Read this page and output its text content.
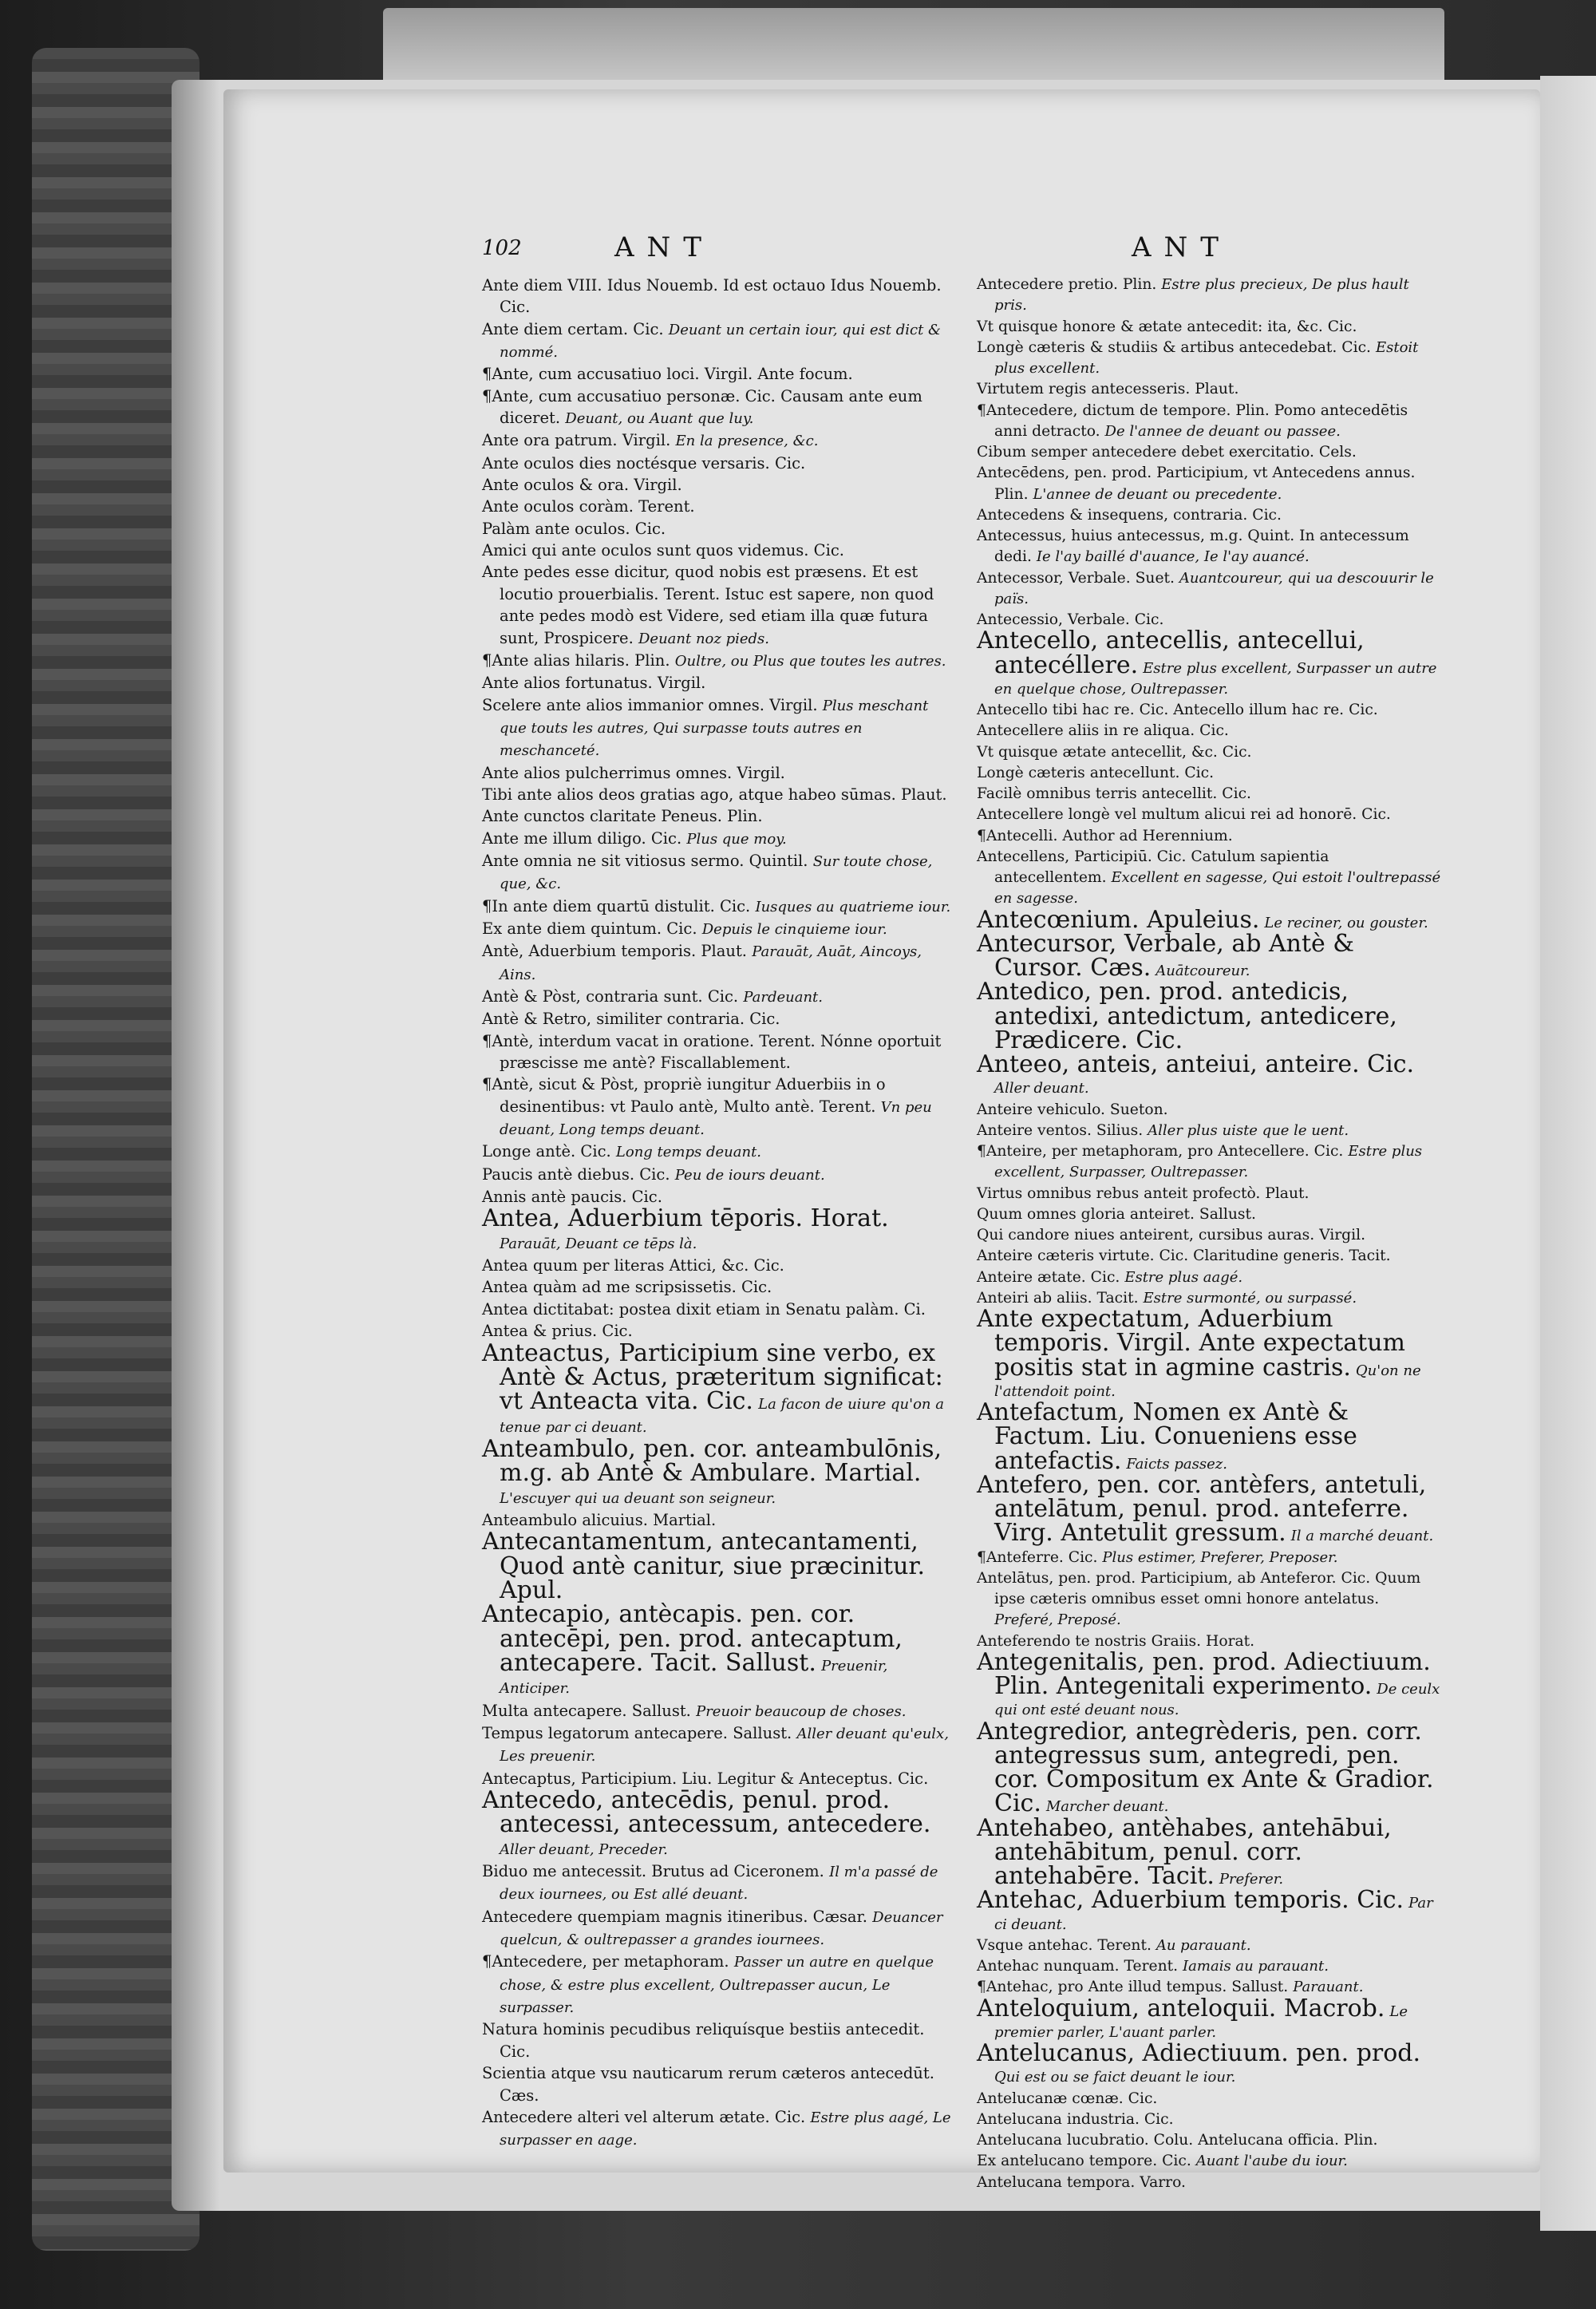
102	ANT	ANT

Ante diem VIII. Idus Nouemb. Id est octauo Idus Nouemb. Cic.

Ante diem certam. Cic. Deuant un certain iour, qui est dict & nommé.

¶Ante, cum accusatiuo loci. Virgil. Ante focum.

¶Ante, cum accusatiuo personæ. Cic. Causam ante eum diceret. Deuant, ou Auant que luy.

Ante ora patrum. Virgil. En la presence, &c.

Ante oculos dies noctésque versaris. Cic.

Ante oculos & ora. Virgil.

Ante oculos coràm. Terent.

Palàm ante oculos. Cic.

Amici qui ante oculos sunt quos videmus. Cic.

Ante pedes esse dicitur, quod nobis est præsens. Et est locutio prouerbialis. Terent. Istuc est sapere, non quod ante pedes modò est Videre, sed etiam illa quæ futura sunt, Prospicere. Deuant noz pieds.

¶Ante alias hilaris. Plin. Oultre, ou Plus que toutes les autres.

Ante alios fortunatus. Virgil.

Scelere ante alios immanior omnes. Virgil. Plus meschant que touts les autres, Qui surpasse touts autres en meschanceté.

Ante alios pulcherrimus omnes. Virgil.

Tibi ante alios deos gratias ago, atque habeo sūmas. Plaut.

Ante cunctos claritate Peneus. Plin.

Ante me illum diligo. Cic. Plus que moy.

Ante omnia ne sit vitiosus sermo. Quintil. Sur toute chose, que, &c.

¶In ante diem quartū distulit. Cic. Iusques au quatrieme iour.

Ex ante diem quintum. Cic. Depuis le cinquieme iour.

Antè, Aduerbium temporis. Plaut. Parauāt, Auāt, Aincoys, Ains.

Antè & Pòst, contraria sunt. Cic. Pardeuant.

Antè & Retro, similiter contraria. Cic.

¶Antè, interdum vacat in oratione. Terent. Nónne oportuit præscisse me antè? Fiscallablement.

¶Antè, sicut & Pòst, propriè iungitur Aduerbiis in o desinentibus: vt Paulo antè, Multo antè. Terent. Vn peu deuant, Long temps deuant.

Longe antè. Cic. Long temps deuant.

Paucis antè diebus. Cic. Peu de iours deuant.

Annis antè paucis. Cic.

Antea, Aduerbium tēporis. Horat. Parauāt, Deuant ce tēps là.

Antea quum per literas Attici, &c. Cic.

Antea quàm ad me scripsissetis. Cic.

Antea dictitabat: postea dixit etiam in Senatu palàm. Ci.

Antea & prius. Cic.

Anteactus, Participium sine verbo, ex Antè & Actus, præteritum significat: vt Anteacta vita. Cic. La facon de uiure qu'on a tenue par ci deuant.

Anteambulo, pen. cor. anteambulōnis, m.g. ab Antè & Ambulare. Martial. L'escuyer qui ua deuant son seigneur.

Anteambulo alicuius. Martial.

Antecantamentum, antecantamenti, Quod antè canitur, siue præcinitur. Apul.

Antecapio, antècapis. pen. cor. antecēpi, pen. prod. antecaptum, antecapere. Tacit. Sallust. Preuenir, Anticiper.

Multa antecapere. Sallust. Preuoir beaucoup de choses.

Tempus legatorum antecapere. Sallust. Aller deuant qu'eulx, Les preuenir.

Antecaptus, Participium. Liu. Legitur & Anteceptus. Cic.

Antecedo, antecēdis, penul. prod. antecessi, antecessum, antecedere. Aller deuant, Preceder.

Biduo me antecessit. Brutus ad Ciceronem. Il m'a passé de deux iournees, ou Est allé deuant.

Antecedere quempiam magnis itineribus. Cæsar. Deuancer quelcun, & oultrepasser a grandes iournees.

¶Antecedere, per metaphoram. Passer un autre en quelque chose, & estre plus excellent, Oultrepasser aucun, Le surpasser.

Natura hominis pecudibus reliquísque bestiis antecedit. Cic.

Scientia atque vsu nauticarum rerum cæteros antecedūt. Cæs.

Antecedere alteri vel alterum ætate. Cic. Estre plus aagé, Le surpasser en aage.

Antecedere pretio. Plin. Estre plus precieux, De plus hault pris.

Vt quisque honore & ætate antecedit: ita, &c. Cic.

Longè cæteris & studiis & artibus antecedebat. Cic. Estoit plus excellent.

Virtutem regis antecesseris. Plaut.

¶Antecedere, dictum de tempore. Plin. Pomo antecedētis anni detracto. De l'annee de deuant ou passee.

Cibum semper antecedere debet exercitatio. Cels.

Antecēdens, pen. prod. Participium, vt Antecedens annus. Plin. L'annee de deuant ou precedente.

Antecedens & insequens, contraria. Cic.

Antecessus, huius antecessus, m.g. Quint. In antecessum dedi. Ie l'ay baillé d'auance, Ie l'ay auancé.

Antecessor, Verbale. Suet. Auantcoureur, qui ua descouurir le païs.

Antecessio, Verbale. Cic.

Antecello, antecellis, antecellui, antecéllere. Estre plus excellent, Surpasser un autre en quelque chose, Oultrepasser.

Antecello tibi hac re. Cic. Antecello illum hac re. Cic.

Antecellere aliis in re aliqua. Cic.

Vt quisque ætate antecellit, &c. Cic.

Longè cæteris antecellunt. Cic.

Facilè omnibus terris antecellit. Cic.

Antecellere longè vel multum alicui rei ad honorē. Cic.

¶Antecelli. Author ad Herennium.

Antecellens, Participiū. Cic. Catulum sapientia antecellentem. Excellent en sagesse, Qui estoit l'oultrepassé en sagesse.

Antecœnium. Apuleius. Le reciner, ou gouster.

Antecursor, Verbale, ab Antè & Cursor. Cæs. Auātcoureur.

Antedico, pen. prod. antedicis, antedixi, antedictum, antedicere, Prædicere. Cic.

Anteeo, anteis, anteiui, anteire. Cic. Aller deuant.

Anteire vehiculo. Sueton.

Anteire ventos. Silius. Aller plus uiste que le uent.

¶Anteire, per metaphoram, pro Antecellere. Cic. Estre plus excellent, Surpasser, Oultrepasser.

Virtus omnibus rebus anteit profectò. Plaut.

Quum omnes gloria anteiret. Sallust.

Qui candore niues anteirent, cursibus auras. Virgil.

Anteire cæteris virtute. Cic. Claritudine generis. Tacit.

Anteire ætate. Cic. Estre plus aagé.

Anteiri ab aliis. Tacit. Estre surmonté, ou surpassé.

Ante expectatum, Aduerbium temporis. Virgil. Ante expectatum positis stat in agmine castris. Qu'on ne l'attendoit point.

Antefactum, Nomen ex Antè & Factum. Liu. Conueniens esse antefactis. Faicts passez.

Antefero, pen. cor. antèfers, antetuli, antelātum, penul. prod. anteferre. Virg. Antetulit gressum. Il a marché deuant.

¶Anteferre. Cic. Plus estimer, Preferer, Preposer.

Antelātus, pen. prod. Participium, ab Anteferor. Cic. Quum ipse cæteris omnibus esset omni honore antelatus. Preferé, Preposé.

Anteferendo te nostris Graiis. Horat.

Antegenitalis, pen. prod. Adiectiuum. Plin. Antegenitali experimento. De ceulx qui ont esté deuant nous.

Antegredior, antegrèderis, pen. corr. antegressus sum, antegredi, pen. cor. Compositum ex Ante & Gradior. Cic. Marcher deuant.

Antehabeo, antèhabes, antehābui, antehābitum, penul. corr. antehabēre. Tacit. Preferer.

Antehac, Aduerbium temporis. Cic. Par ci deuant.

Vsque antehac. Terent. Au parauant.

Antehac nunquam. Terent. Iamais au parauant.

¶Antehac, pro Ante illud tempus. Sallust. Parauant.

Anteloquium, anteloquii. Macrob. Le premier parler, L'auant parler.

Antelucanus, Adiectiuum. pen. prod. Qui est ou se faict deuant le iour.

Antelucanæ cœnæ. Cic.

Antelucana industria. Cic.

Antelucana lucubratio. Colu. Antelucana officia. Plin.

Ex antelucano tempore. Cic. Auant l'aube du iour.

Antelucana tempora. Varro.
